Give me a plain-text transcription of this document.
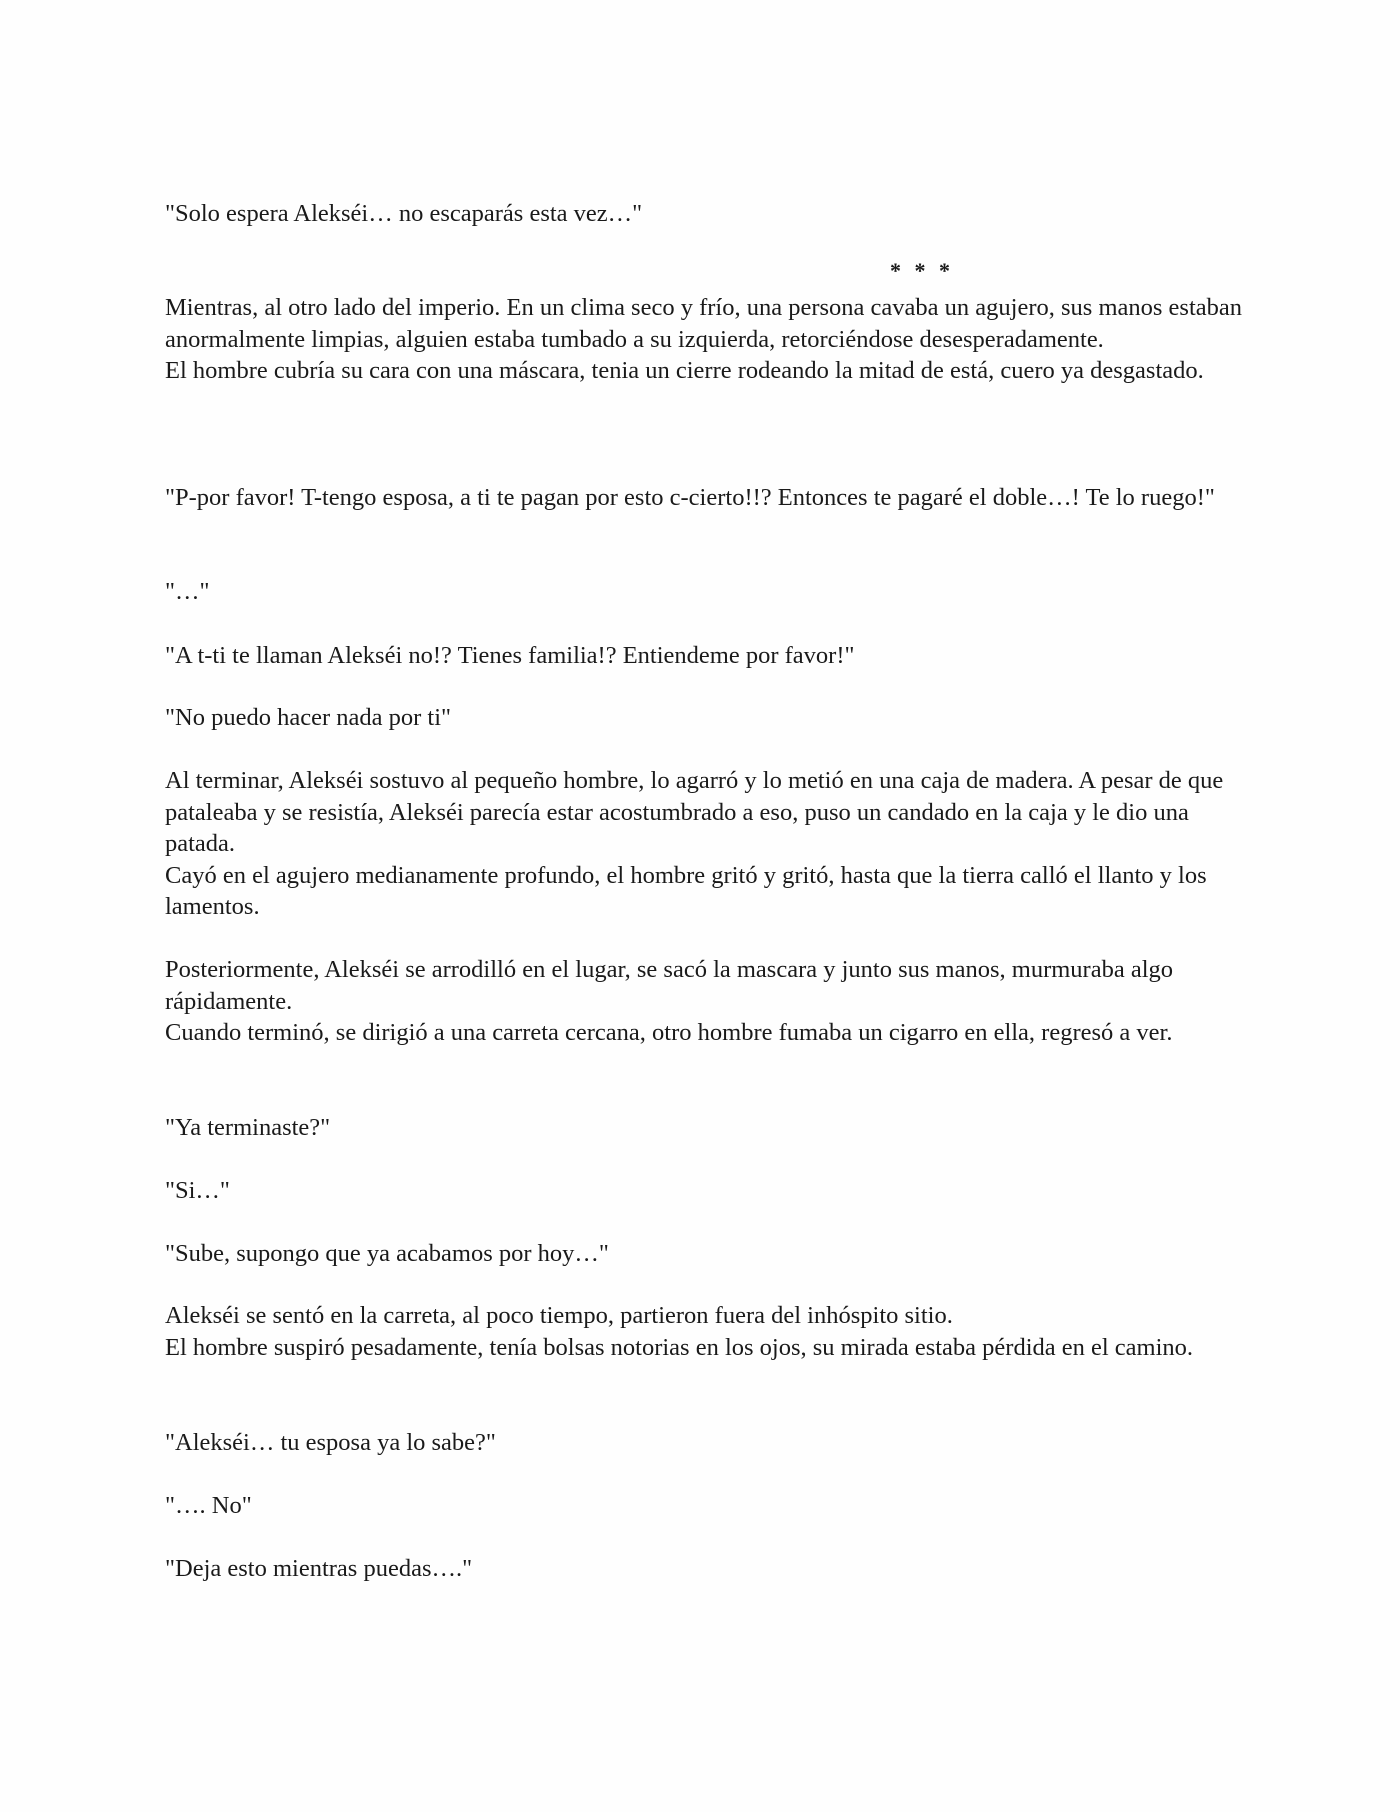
"Solo espera Alekséi… no escaparás esta vez…"

* * *

Mientras, al otro lado del imperio. En un clima seco y frío, una persona cavaba un agujero, sus manos estaban anormalmente limpias, alguien estaba tumbado a su izquierda, retorciéndose desesperadamente.
El hombre cubría su cara con una máscara, tenia un cierre rodeando la mitad de está, cuero ya desgastado.

"P-por favor! T-tengo esposa, a ti te pagan por esto c-cierto!!? Entonces te pagaré el doble…! Te lo ruego!"

"…"

"A t-ti te llaman Alekséi no!? Tienes familia!? Entiendeme por favor!"

"No puedo hacer nada por ti"

Al terminar, Alekséi sostuvo al pequeño hombre, lo agarró y lo metió en una caja de madera. A pesar de que pataleaba y se resistía, Alekséi parecía estar acostumbrado a eso, puso un candado en la caja y le dio una patada.
Cayó en el agujero medianamente profundo, el hombre gritó y gritó, hasta que la tierra calló el llanto y los lamentos.

Posteriormente, Alekséi se arrodilló en el lugar, se sacó la mascara y junto sus manos, murmuraba algo rápidamente.
Cuando terminó, se dirigió a una carreta cercana, otro hombre fumaba un cigarro en ella, regresó a ver.

"Ya terminaste?"

"Si…"

"Sube, supongo que ya acabamos por hoy…"

Alekséi se sentó en la carreta, al poco tiempo, partieron fuera del inhóspito sitio.
El hombre suspiró pesadamente, tenía bolsas notorias en los ojos, su mirada estaba pérdida en el camino.

"Alekséi… tu esposa ya lo sabe?"

"…. No"

"Deja esto mientras puedas…."
